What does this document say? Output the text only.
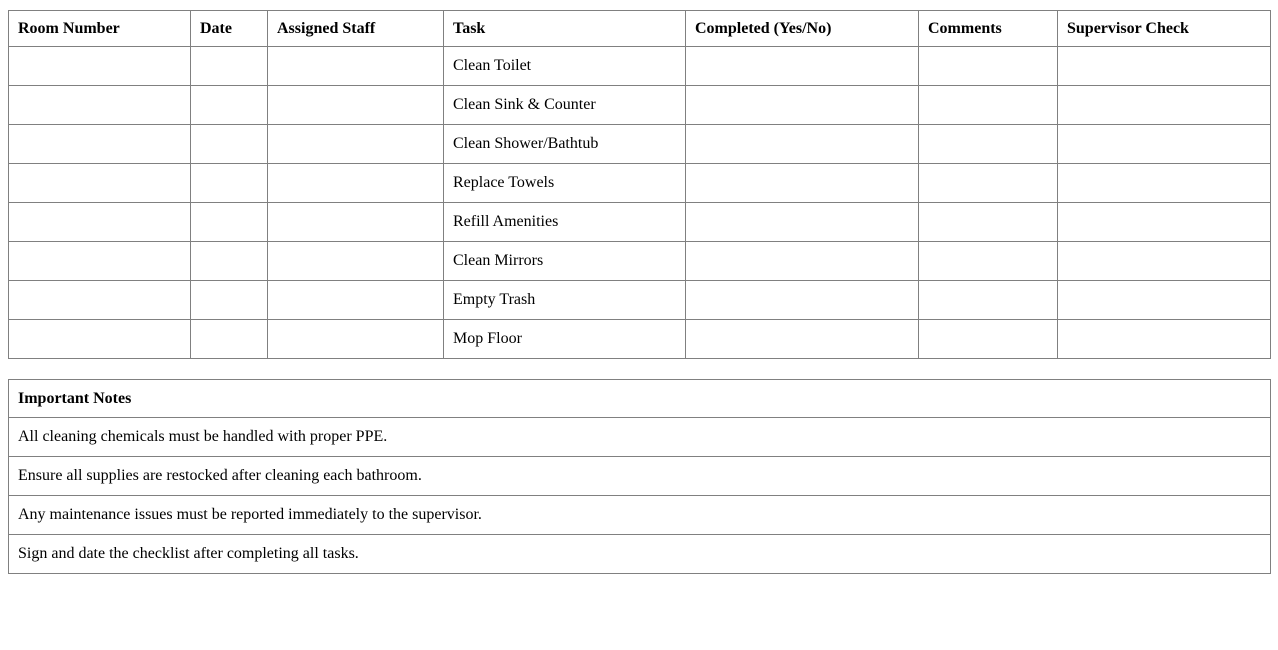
Room Number	Date	Assigned Staff	Task	Completed (Yes/No)	Comments	Supervisor Check
			Clean Toilet			
			Clean Sink & Counter			
			Clean Shower/Bathtub			
			Replace Towels			
			Refill Amenities			
			Clean Mirrors			
			Empty Trash			
			Mop Floor			
Important Notes
All cleaning chemicals must be handled with proper PPE.
Ensure all supplies are restocked after cleaning each bathroom.
Any maintenance issues must be reported immediately to the supervisor.
Sign and date the checklist after completing all tasks.
